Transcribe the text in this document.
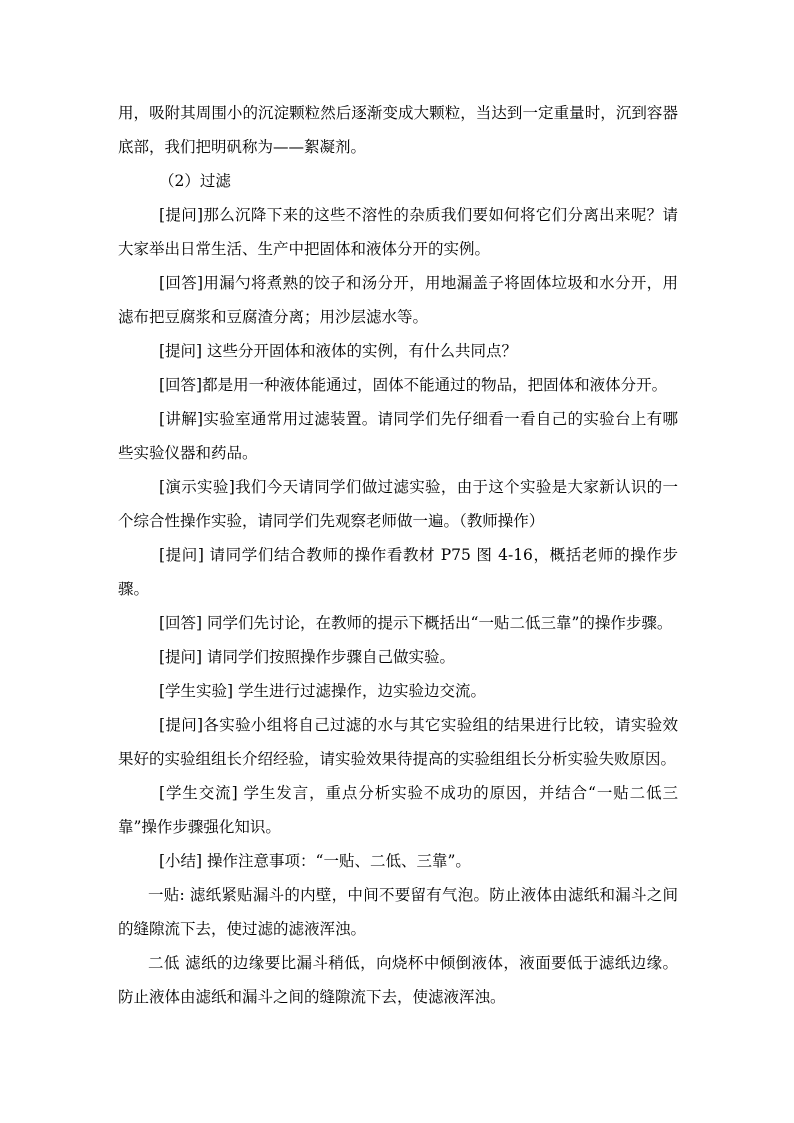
用，吸附其周围小的沉淀颗粒然后逐渐变成大颗粒，当达到一定重量时，沉到容器底部，我们把明矾称为——絮凝剂。

（2）过滤

[提问]那么沉降下来的这些不溶性的杂质我们要如何将它们分离出来呢？请大家举出日常生活、生产中把固体和液体分开的实例。

[回答]用漏勺将煮熟的饺子和汤分开，用地漏盖子将固体垃圾和水分开，用滤布把豆腐浆和豆腐渣分离；用沙层滤水等。

[提问] 这些分开固体和液体的实例，有什么共同点？

[回答]都是用一种液体能通过，固体不能通过的物品，把固体和液体分开。

[讲解]实验室通常用过滤装置。请同学们先仔细看一看自己的实验台上有哪些实验仪器和药品。

[演示实验]我们今天请同学们做过滤实验，由于这个实验是大家新认识的一个综合性操作实验，请同学们先观察老师做一遍。（教师操作）

[提问] 请同学们结合教师的操作看教材 P75 图 4-16，概括老师的操作步骤。

[回答] 同学们先讨论，在教师的提示下概括出“一贴二低三靠”的操作步骤。

[提问] 请同学们按照操作步骤自己做实验。

[学生实验] 学生进行过滤操作，边实验边交流。

[提问]各实验小组将自己过滤的水与其它实验组的结果进行比较，请实验效果好的实验组组长介绍经验，请实验效果待提高的实验组组长分析实验失败原因。

[学生交流] 学生发言，重点分析实验不成功的原因，并结合“一贴二低三靠”操作步骤强化知识。

[小结] 操作注意事项：“一贴、二低、三靠”。

一贴: 滤纸紧贴漏斗的内壁，中间不要留有气泡。防止液体由滤纸和漏斗之间的缝隙流下去，使过滤的滤液浑浊。

二低 滤纸的边缘要比漏斗稍低，向烧杯中倾倒液体，液面要低于滤纸边缘。防止液体由滤纸和漏斗之间的缝隙流下去，使滤液浑浊。
